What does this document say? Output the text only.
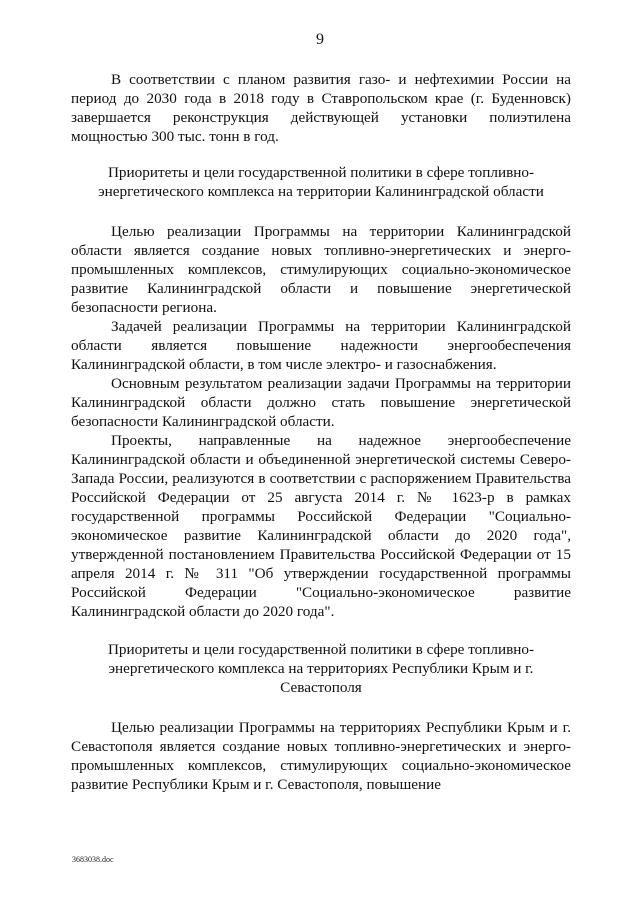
9

В соответствии с планом развития газо- и нефтехимии России на период до 2030 года в 2018 году в Ставропольском крае (г. Буденновск) завершается реконструкция действующей установки полиэтилена мощностью 300 тыс. тонн в год.

Приоритеты и цели государственной политики в сфере топливно-энергетического комплекса на территории Калининградской области

Целью реализации Программы на территории Калининградской области является создание новых топливно-энергетических и энерго-промышленных комплексов, стимулирующих социально-экономическое развитие Калининградской области и повышение энергетической безопасности региона.

Задачей реализации Программы на территории Калининградской области является повышение надежности энергообеспечения Калининградской области, в том числе электро- и газоснабжения.

Основным результатом реализации задачи Программы на территории Калининградской области должно стать повышение энергетической безопасности Калининградской области.

Проекты, направленные на надежное энергообеспечение Калининградской области и объединенной энергетической системы Северо-Запада России, реализуются в соответствии с распоряжением Правительства Российской Федерации от 25 августа 2014 г. № 1623-р в рамках государственной программы Российской Федерации "Социально-экономическое развитие Калининградской области до 2020 года", утвержденной постановлением Правительства Российской Федерации от 15 апреля 2014 г. № 311 "Об утверждении государственной программы Российской Федерации "Социально-экономическое развитие Калининградской области до 2020 года".

Приоритеты и цели государственной политики в сфере топливно-энергетического комплекса на территориях Республики Крым и г. Севастополя

Целью реализации Программы на территориях Республики Крым и г. Севастополя является создание новых топливно-энергетических и энерго-промышленных комплексов, стимулирующих социально-экономическое развитие Республики Крым и г. Севастополя, повышение

3683038.doc
